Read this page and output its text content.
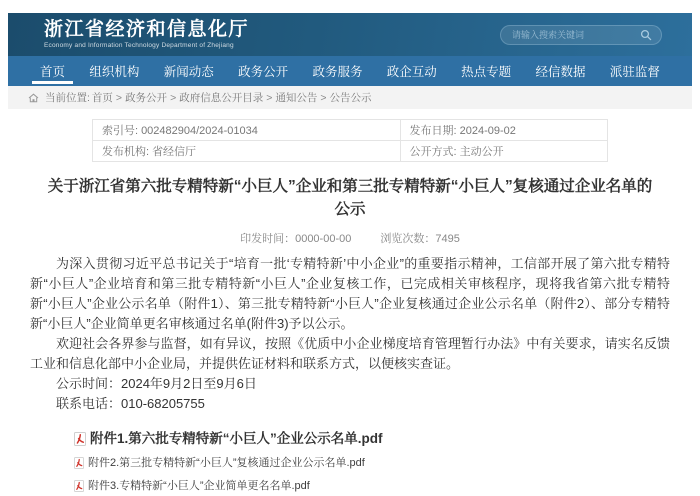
浙江省经济和信息化厅
Economy and Information Technology Department of Zhejiang
请输入搜索关键词
首页 组织机构 新闻动态 政务公开 政务服务 政企互动 热点专题 经信数据 派驻监督
当前位置: 首页 > 政务公开 > 政府信息公开目录 > 通知公告 > 公告公示
索引号: 002482904/2024-01034	发布日期: 2024-09-02
发布机构: 省经信厅	公开方式: 主动公开
关于浙江省第六批专精特新“小巨人”企业和第三批专精特新“小巨人”复核通过企业名单的公示
印发时间：0000-00-00	浏览次数：7495

为深入贯彻习近平总书记关于“培育一批‘专精特新’中小企业”的重要指示精神，工信部开展了第六批专精特新“小巨人”企业培育和第三批专精特新“小巨人”企业复核工作，已完成相关审核程序，现将我省第六批专精特新“小巨人”企业公示名单（附件1）、第三批专精特新“小巨人”企业复核通过企业公示名单（附件2）、部分专精特新“小巨人”企业简单更名审核通过名单(附件3)予以公示。

欢迎社会各界参与监督，如有异议，按照《优质中小企业梯度培育管理暂行办法》中有关要求，请实名反馈工业和信息化部中小企业局，并提供佐证材料和联系方式，以便核实查证。

公示时间：2024年9月2日至9月6日

联系电话：010-68205755

附件1.第六批专精特新“小巨人”企业公示名单.pdf
附件2.第三批专精特新“小巨人”复核通过企业公示名单.pdf
附件3.专精特新“小巨人”企业简单更名名单.pdf
